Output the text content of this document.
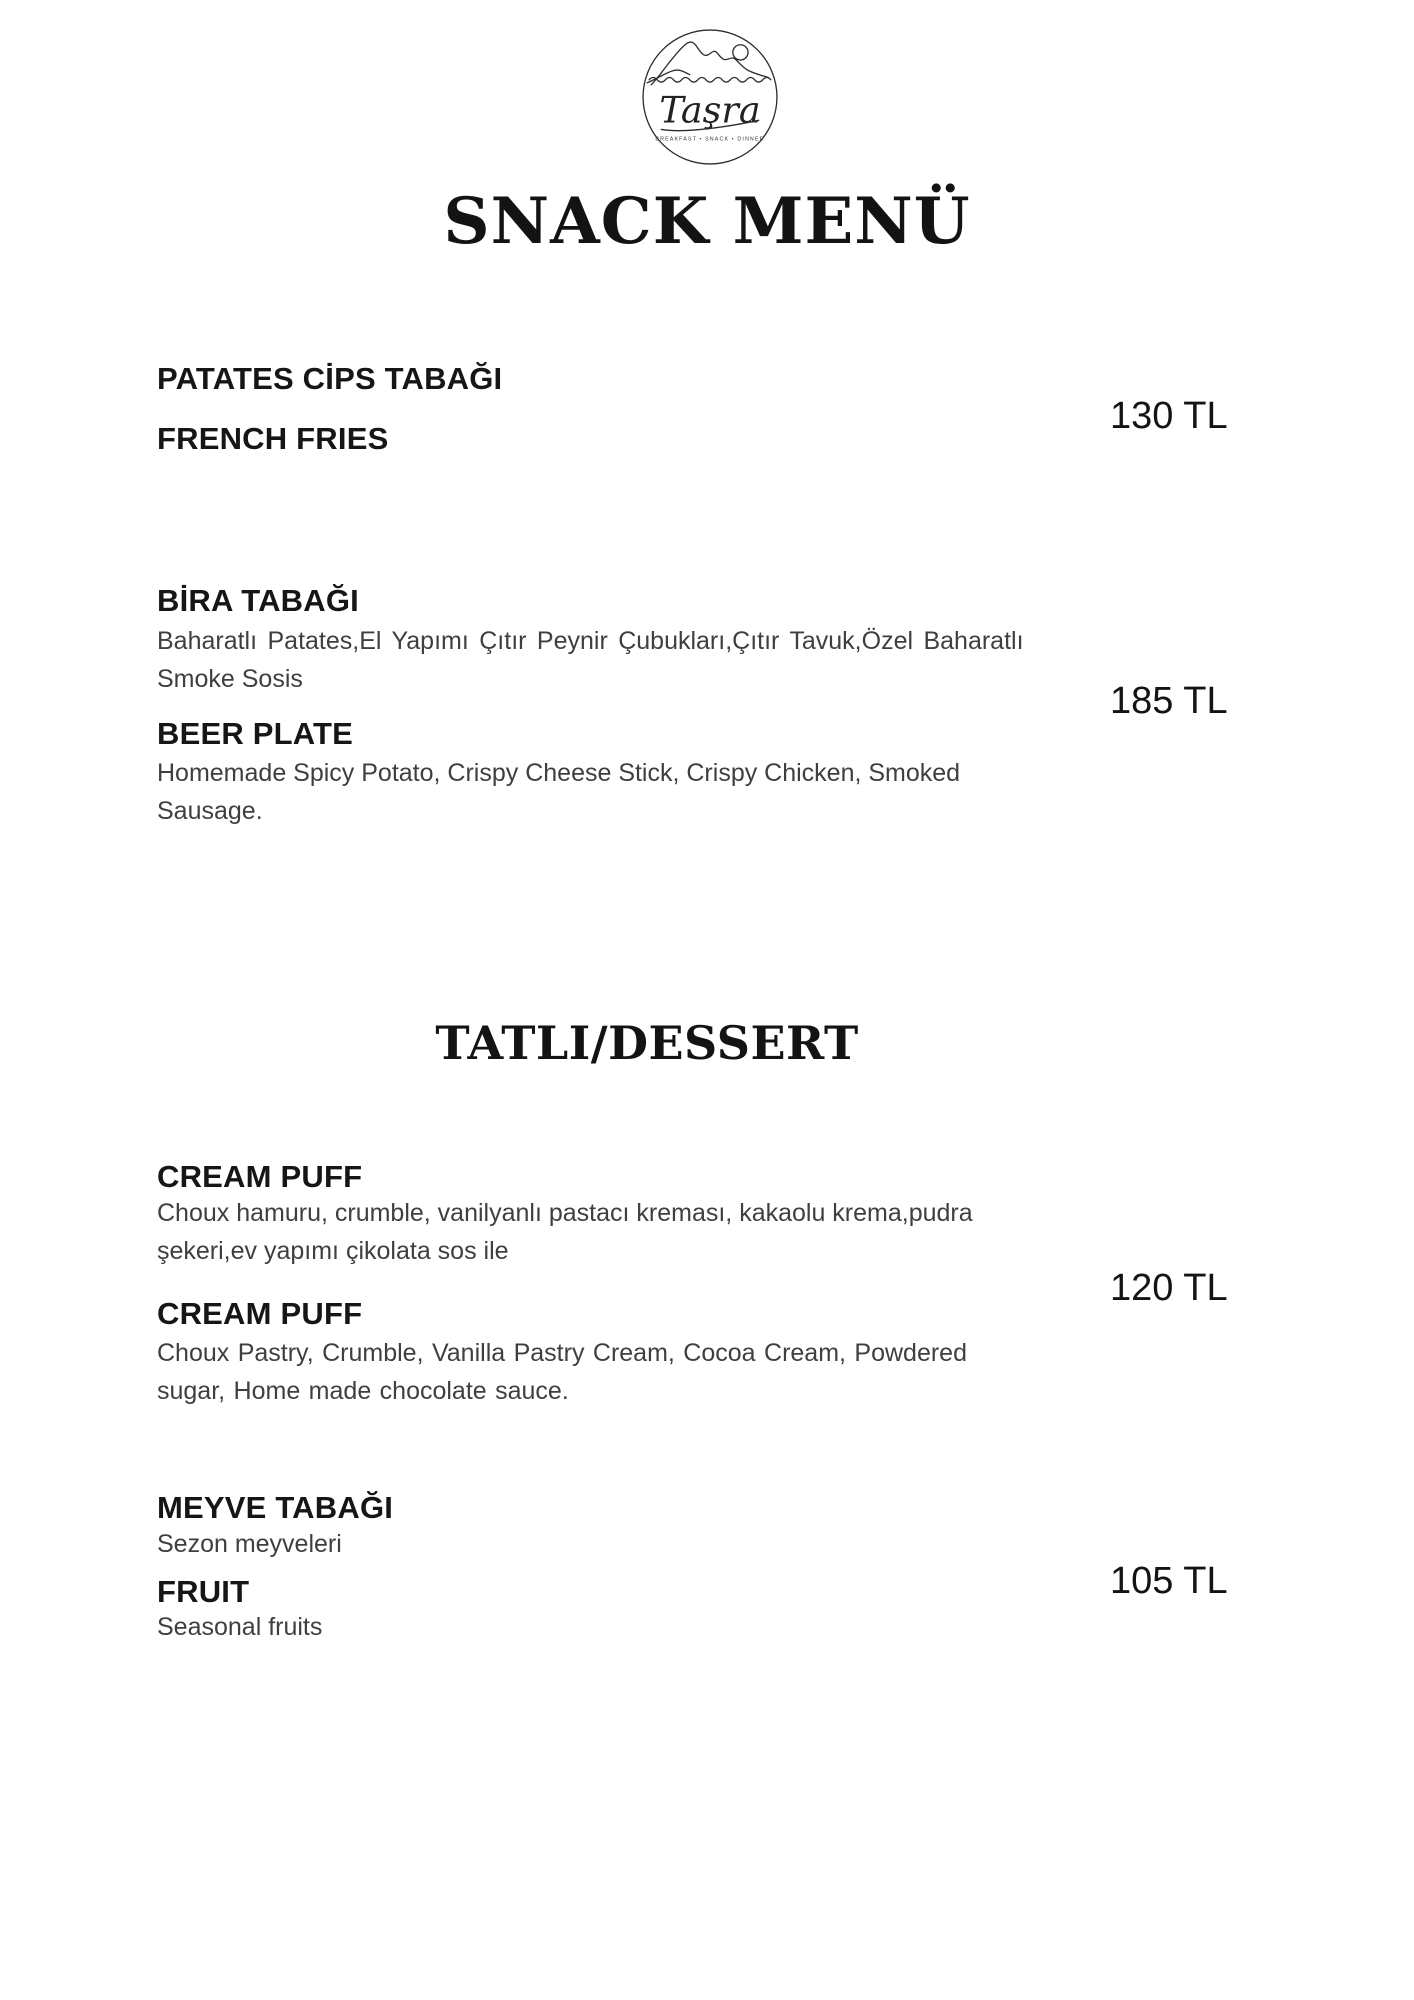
Taşra
BREAKFAST • SNACK • DINNER
SNACK MENÜ
PATATES CİPS TABAĞI
130 TL
FRENCH FRIES
BİRA TABAĞI
Baharatlı Patates,El Yapımı Çıtır Peynir Çubukları,Çıtır Tavuk,Özel Baharatlı
Smoke Sosis
185 TL
BEER PLATE
Homemade Spicy Potato, Crispy Cheese Stick, Crispy Chicken, Smoked
Sausage.
TATLI/DESSERT
CREAM PUFF
Choux hamuru, crumble, vanilyanlı pastacı kreması, kakaolu krema,pudra
şekeri,ev yapımı çikolata sos ile
120 TL
CREAM PUFF
Choux Pastry, Crumble, Vanilla Pastry Cream, Cocoa Cream, Powdered
sugar, Home made chocolate sauce.
MEYVE TABAĞI
Sezon meyveleri
105 TL
FRUIT
Seasonal fruits
